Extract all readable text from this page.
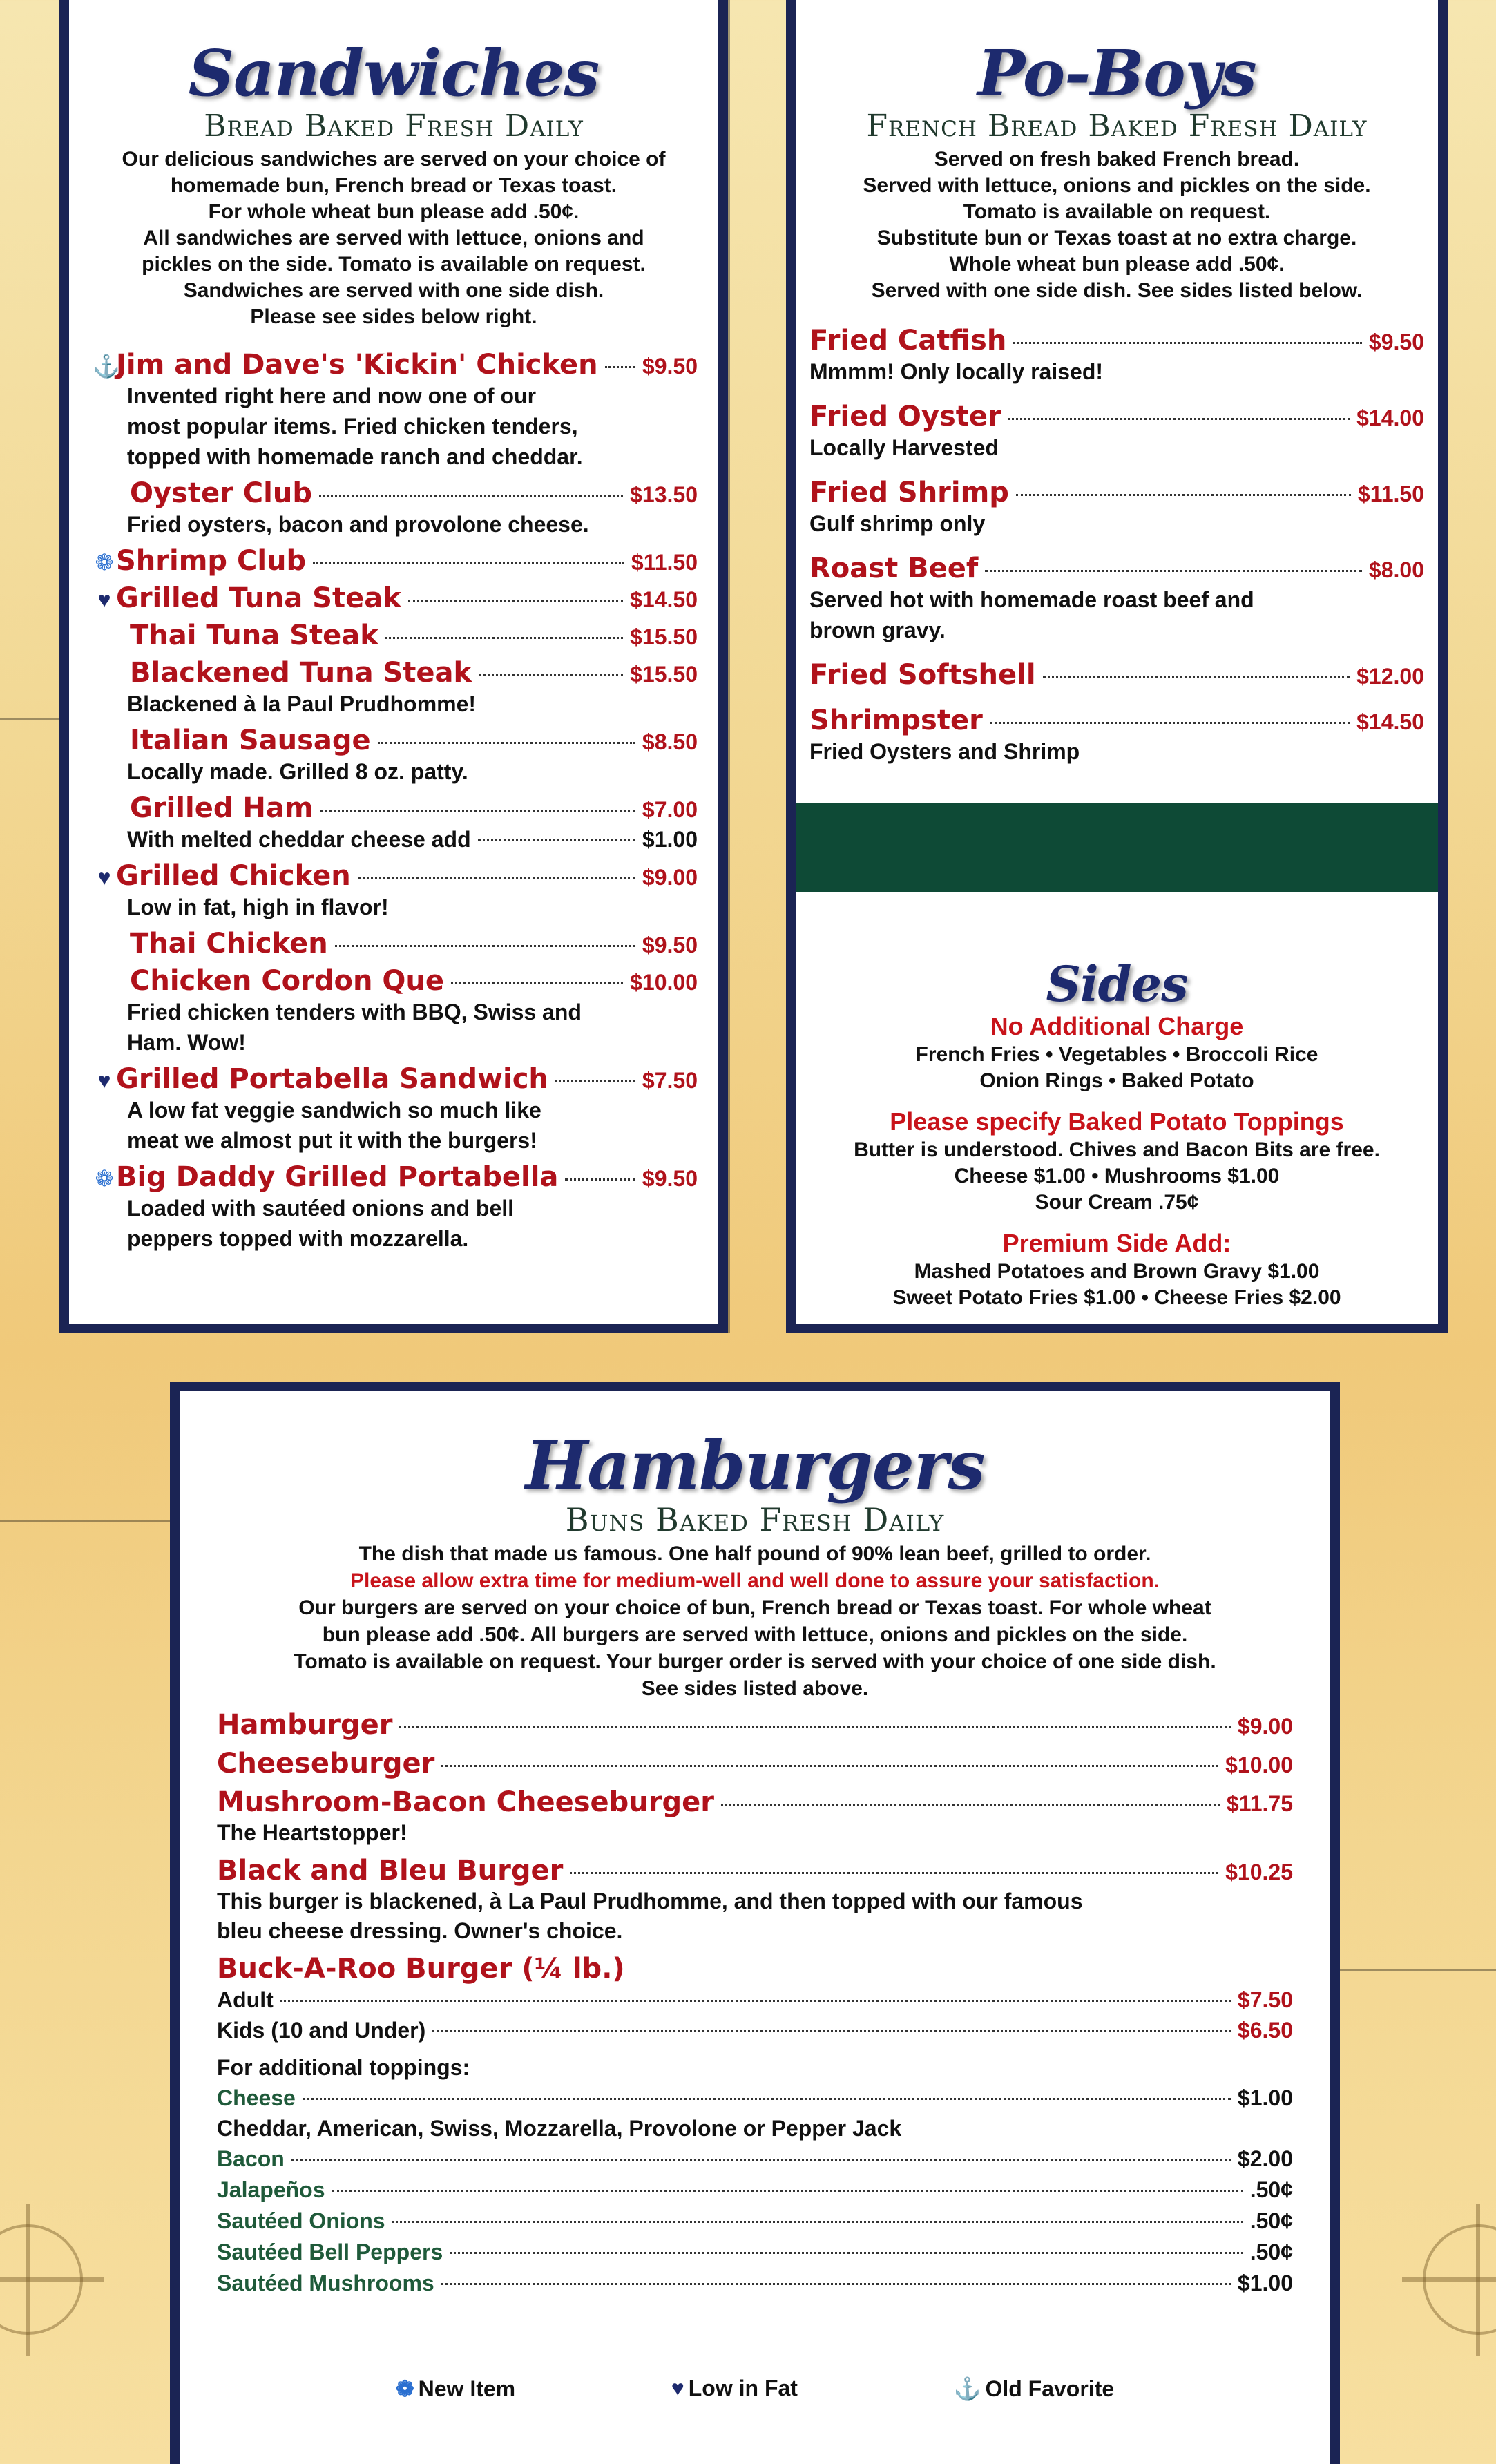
Sandwiches
Bread Baked Fresh Daily
Our delicious sandwiches are served on your choice of
homemade bun, French bread or Texas toast.
For whole wheat bun please add .50¢.
All sandwiches are served with lettuce, onions and
pickles on the side. Tomato is available on request.
Sandwiches are served with one side dish.
Please see sides below right.
⚓
Jim and Dave's 'Kickin' Chicken $9.50
Invented right here and now one of our
most popular items. Fried chicken tenders,
topped with homemade ranch and cheddar.
Oyster Club	$13.50
Fried oysters, bacon and provolone cheese.
❁ Shrimp Club	$11.50
♥ Grilled Tuna Steak	$14.50
Thai Tuna Steak	$15.50
Blackened Tuna Steak	$15.50
Blackened à la Paul Prudhomme!
Italian Sausage	$8.50
Locally made. Grilled 8 oz. patty.
Grilled Ham	$7.00
With melted cheddar cheese add	$1.00
♥ Grilled Chicken	$9.00
Low in fat, high in flavor!
Thai Chicken	$9.50
Chicken Cordon Que	$10.00
Fried chicken tenders with BBQ, Swiss and
Ham. Wow!
♥ Grilled Portabella Sandwich	$7.50
A low fat veggie sandwich so much like
meat we almost put it with the burgers!
❁ Big Daddy Grilled Portabella	$9.50
Loaded with sautéed onions and bell
peppers topped with mozzarella.
Po-Boys
French Bread Baked Fresh Daily
Served on fresh baked French bread.
Served with lettuce, onions and pickles on the side.
Tomato is available on request.
Substitute bun or Texas toast at no extra charge.
Whole wheat bun please add .50¢.
Served with one side dish. See sides listed below.
Fried Catfish	$9.50
Mmmm! Only locally raised!
Fried Oyster	$14.00
Locally Harvested
Fried Shrimp	$11.50
Gulf shrimp only
Roast Beef	$8.00
Served hot with homemade roast beef and
brown gravy.
Fried Softshell	$12.00
Shrimpster	$14.50
Fried Oysters and Shrimp
Sides
No Additional Charge
French Fries • Vegetables • Broccoli Rice
Onion Rings • Baked Potato
Please specify Baked Potato Toppings
Butter is understood. Chives and Bacon Bits are free.
Cheese $1.00 • Mushrooms $1.00
Sour Cream .75¢
Premium Side Add:
Mashed Potatoes and Brown Gravy $1.00
Sweet Potato Fries $1.00 • Cheese Fries $2.00
Hamburgers
Buns Baked Fresh Daily
The dish that made us famous. One half pound of 90% lean beef, grilled to order.
Please allow extra time for medium-well and well done to assure your satisfaction.
Our burgers are served on your choice of bun, French bread or Texas toast. For whole wheat
bun please add .50¢. All burgers are served with lettuce, onions and pickles on the side.
Tomato is available on request. Your burger order is served with your choice of one side dish.
See sides listed above.
Hamburger	$9.00
Cheeseburger	$10.00
Mushroom-Bacon Cheeseburger	$11.75
The Heartstopper!
Black and Bleu Burger	$10.25
This burger is blackened, à La Paul Prudhomme, and then topped with our famous
bleu cheese dressing. Owner's choice.
Buck-A-Roo Burger (¼ lb.)
Adult	$7.50
Kids (10 and Under)	$6.50
For additional toppings:
Cheese	$1.00
Cheddar, American, Swiss, Mozzarella, Provolone or Pepper Jack
Bacon	$2.00
Jalapeños	.50¢
Sautéed Onions	.50¢
Sautéed Bell Peppers	.50¢
Sautéed Mushrooms	$1.00
❁ New Item	♥ Low in Fat	⚓ Old Favorite
